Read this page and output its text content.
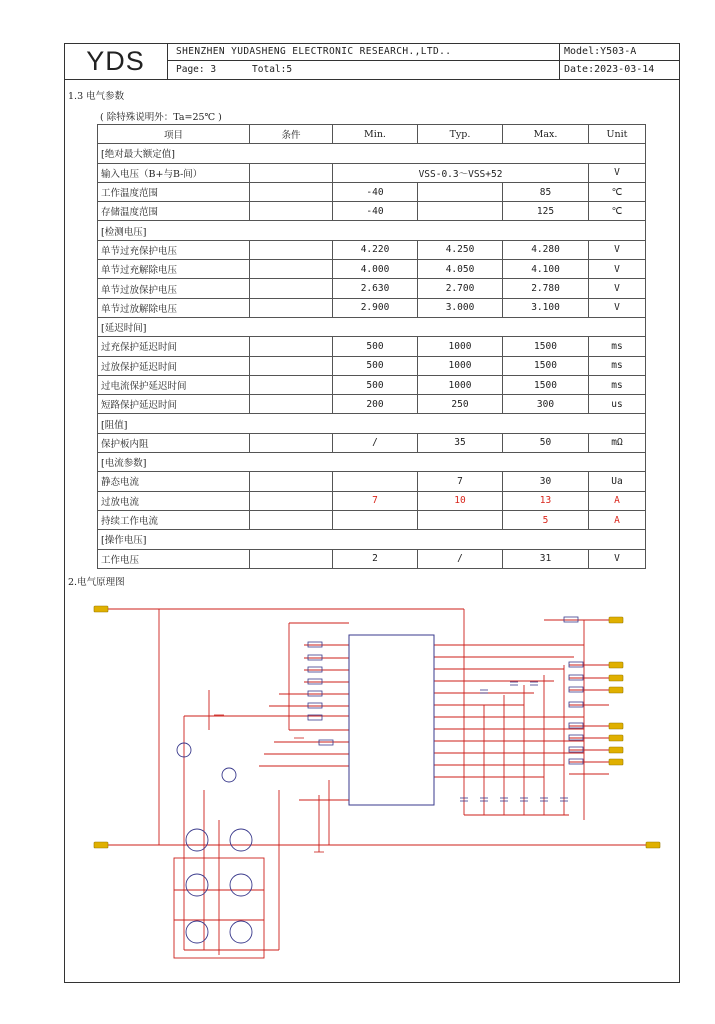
YDS	SHENZHEN YUDASHENG ELECTRONIC RESEARCH.,LTD..
Page: 3	Total:5
Model:Y503-A
Date:2023-03-14
1.3 电气参数
( 除特殊说明外：Ta=25℃ )
项目	条件	Min.	Typ.	Max.	Unit
[绝对最大额定值]					
输入电压（B+与B-间）		VSS-0.3～VSS+52			V
工作温度范围		-40		85	℃
存储温度范围		-40		125	℃
[检测电压]					
单节过充保护电压		4.220	4.250	4.280	V
单节过充解除电压		4.000	4.050	4.100	V
单节过放保护电压		2.630	2.700	2.780	V
单节过放解除电压		2.900	3.000	3.100	V
[延迟时间]					
过充保护延迟时间		500	1000	1500	ms
过放保护延迟时间		500	1000	1500	ms
过电流保护延迟时间		500	1000	1500	ms
短路保护延迟时间		200	250	300	us
[阻值]					
保护板内阻		/	35	50	mΩ
[电流参数]					
静态电流			7	30	Ua
过放电流		7	10	13	A
持续工作电流				5	A
[操作电压]					
工作电压		2	/	31	V
2.电气原理图
